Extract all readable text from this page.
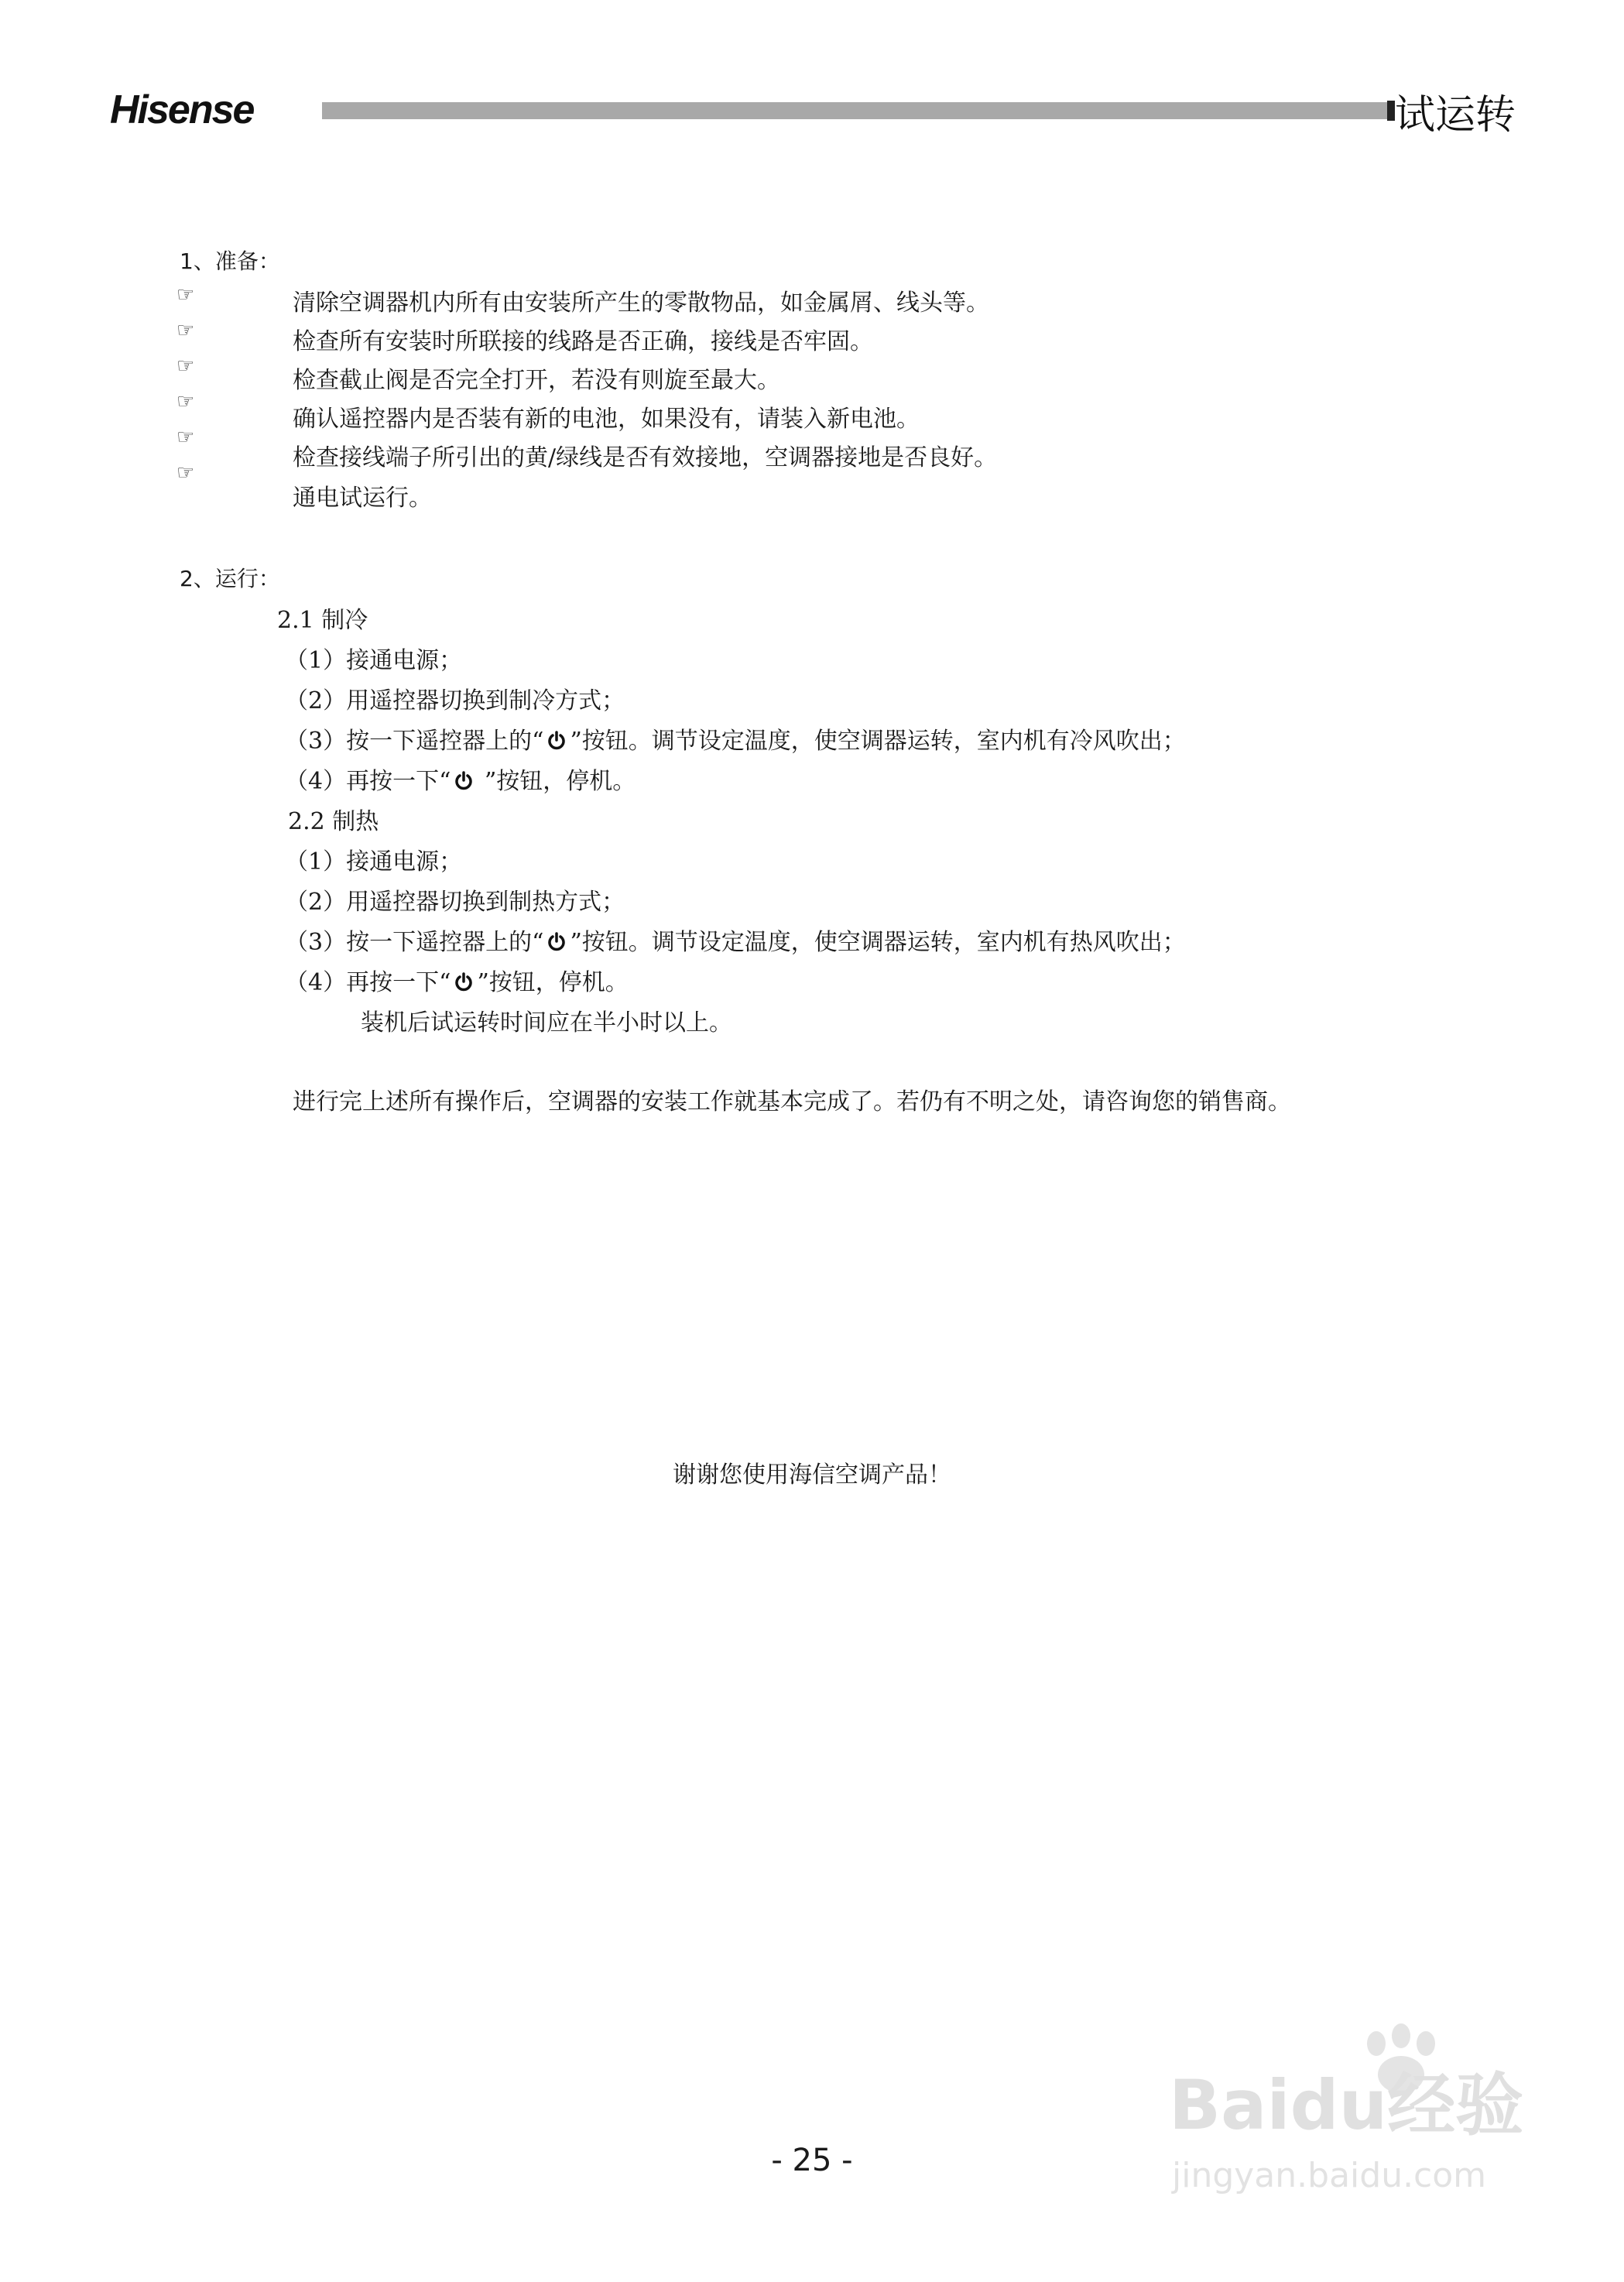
Hisense	试运转
1、准备：
☞
☞
☞
☞
☞
☞
清除空调器机内所有由安装所产生的零散物品，如金属屑、线头等。
检查所有安装时所联接的线路是否正确，接线是否牢固。
检查截止阀是否完全打开，若没有则旋至最大。
确认遥控器内是否装有新的电池，如果没有，请装入新电池。
检查接线端子所引出的黄/绿线是否有效接地，空调器接地是否良好。
通电试运行。
2、运行：
2.1 制冷
（1）接通电源；
（2）用遥控器切换到制冷方式；
（3）按一下遥控器上的“ ”按钮。调节设定温度，使空调器运转，室内机有冷风吹出；
（4）再按一下“ ”按钮，停机。
2.2 制热
（1）接通电源；
（2）用遥控器切换到制热方式；
（3）按一下遥控器上的“ ”按钮。调节设定温度，使空调器运转，室内机有热风吹出；
（4）再按一下“ ”按钮，停机。
装机后试运转时间应在半小时以上。
进行完上述所有操作后，空调器的安装工作就基本完成了。若仍有不明之处，请咨询您的销售商。
谢谢您使用海信空调产品！
Baidu经验
jingyan.baidu.com
- 25 -
